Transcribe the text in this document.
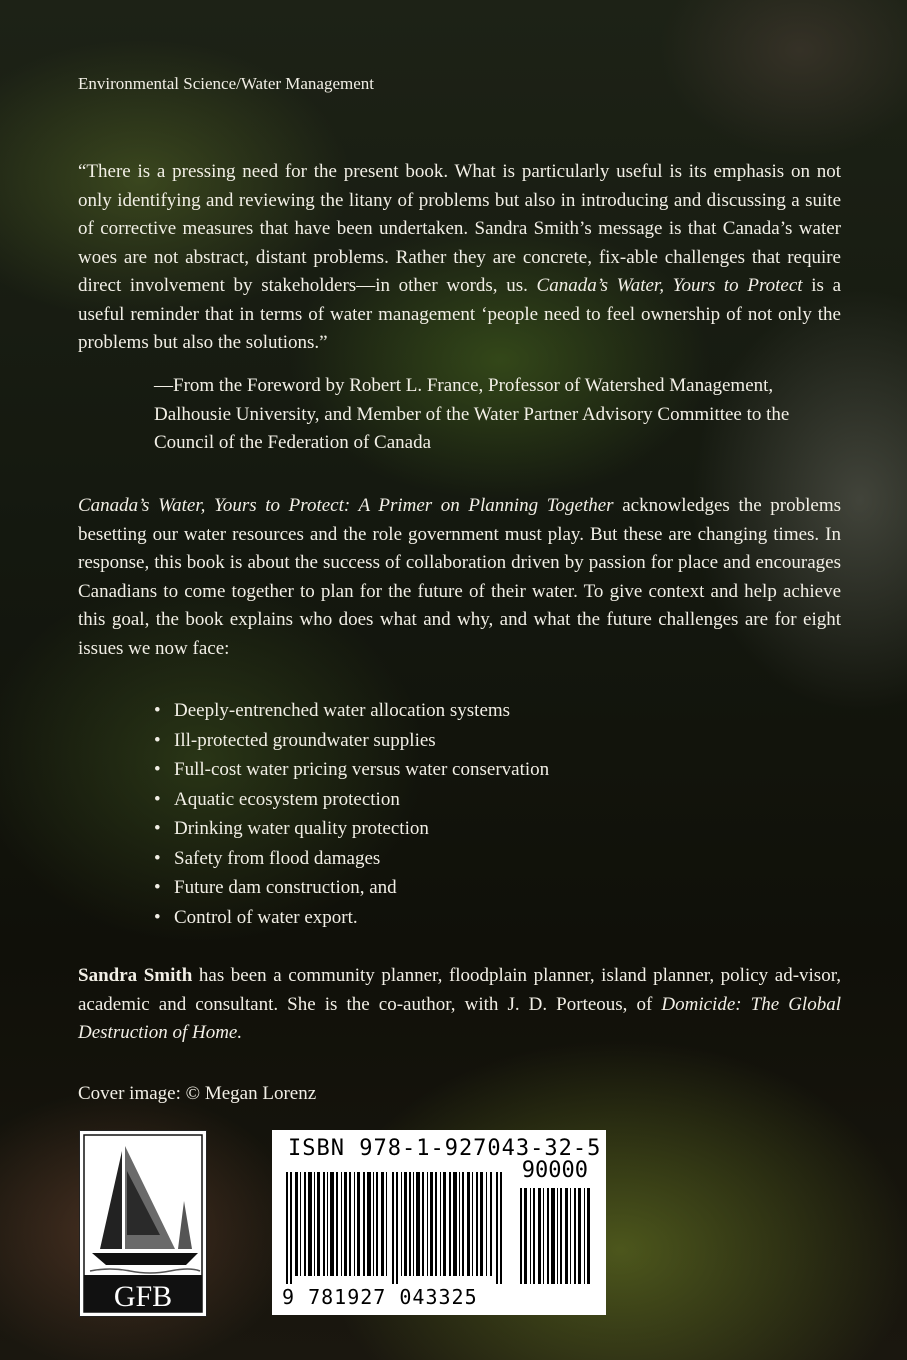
Environmental Science/Water Management
“There is a pressing need for the present book. What is particularly useful is its emphasis on not only identifying and reviewing the litany of problems but also in introducing and discussing a suite of corrective measures that have been undertaken. Sandra Smith’s message is that Canada’s water woes are not abstract, distant problems. Rather they are concrete, fix-able challenges that require direct involvement by stakeholders—in other words, us. Canada’s Water, Yours to Protect is a useful reminder that in terms of water management ‘people need to feel ownership of not only the problems but also the solutions.”
—From the Foreword by Robert L. France, Professor of Watershed Management, Dalhousie University, and Member of the Water Partner Advisory Committee to the Council of the Federation of Canada
Canada’s Water, Yours to Protect: A Primer on Planning Together acknowledges the problems besetting our water resources and the role government must play. But these are changing times. In response, this book is about the success of collaboration driven by passion for place and encourages Canadians to come together to plan for the future of their water. To give context and help achieve this goal, the book explains who does what and why, and what the future challenges are for eight issues we now face:
• Deeply-entrenched water allocation systems
• Ill-protected groundwater supplies
• Full-cost water pricing versus water conservation
• Aquatic ecosystem protection
• Drinking water quality protection
• Safety from flood damages
• Future dam construction, and
• Control of water export.
Sandra Smith has been a community planner, floodplain planner, island planner, policy ad-visor, academic and consultant. She is the co-author, with J. D. Porteous, of Domicide: The Global Destruction of Home.
Cover image: © Megan Lorenz
GFB
ISBN 978-1-927043-32-5
90000
9 781927 043325
